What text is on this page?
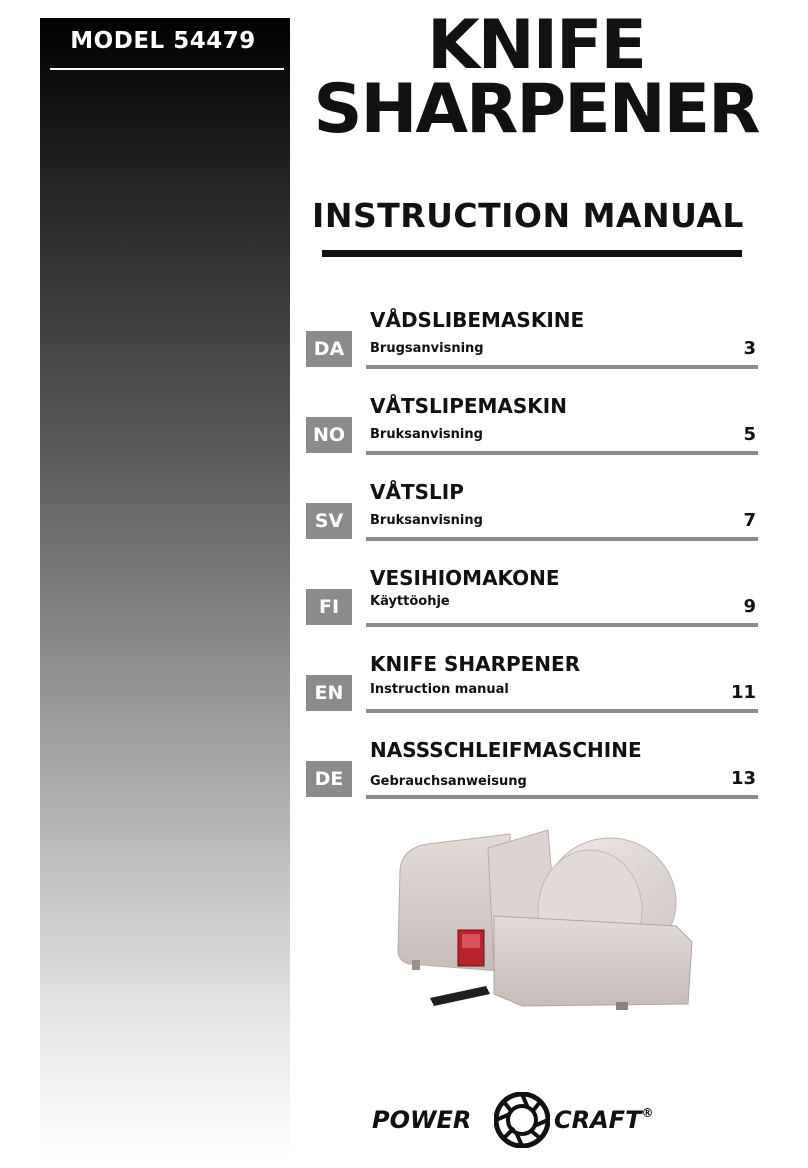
MODEL 54479	KNIFE
SHARPENER
INSTRUCTION MANUAL
DA
VÅDSLIBEMASKINE
Brugsanvisning	3
NO
VÅTSLIPEMASKIN
Bruksanvisning	5
SV
VÅTSLIP
Bruksanvisning	7
FI
VESIHIOMAKONE
Käyttöohje	9
EN
KNIFE SHARPENER
Instruction manual	11
DE
NASSSCHLEIFMASCHINE
Gebrauchsanweisung	13
POWER	CRAFT®
